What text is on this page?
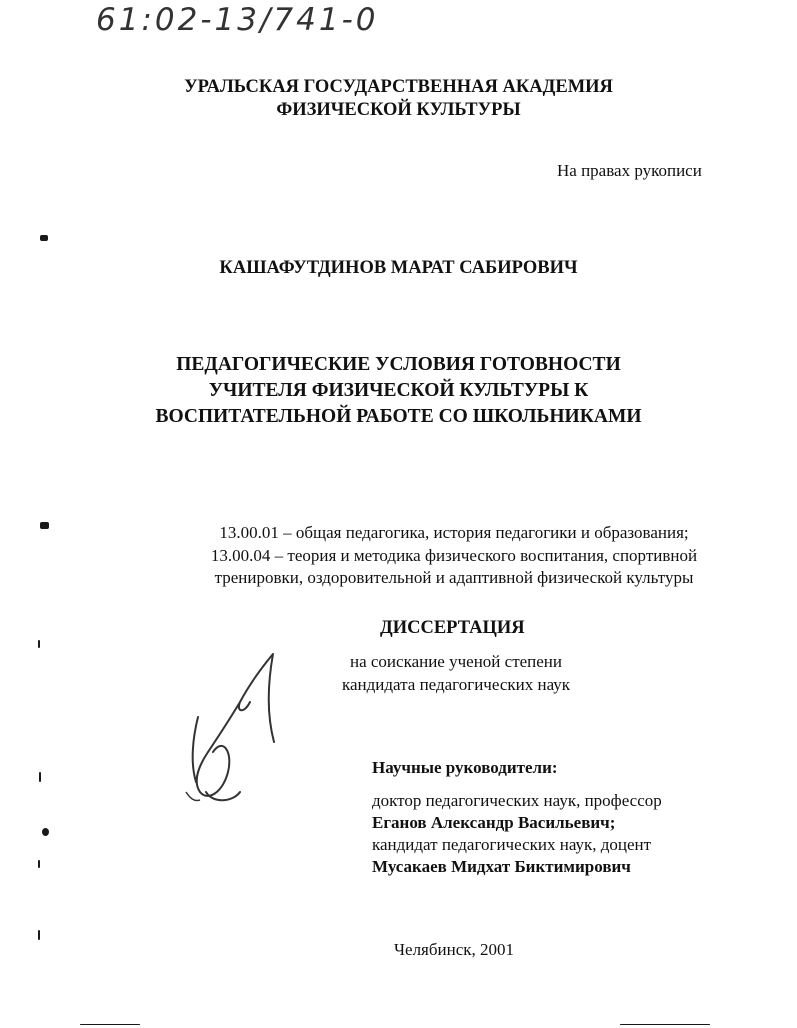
61:02-13/741-0
УРАЛЬСКАЯ ГОСУДАРСТВЕННАЯ АКАДЕМИЯ
ФИЗИЧЕСКОЙ КУЛЬТУРЫ
На правах рукописи
КАШАФУТДИНОВ МАРАТ САБИРОВИЧ
ПЕДАГОГИЧЕСКИЕ УСЛОВИЯ ГОТОВНОСТИ
УЧИТЕЛЯ ФИЗИЧЕСКОЙ КУЛЬТУРЫ К
ВОСПИТАТЕЛЬНОЙ РАБОТЕ СО ШКОЛЬНИКАМИ
13.00.01 – общая педагогика, история педагогики и образования;
13.00.04 – теория и методика физического воспитания, спортивной
тренировки, оздоровительной и адаптивной физической культуры
ДИССЕРТАЦИЯ
на соискание ученой степени
кандидата педагогических наук
Научные руководители:
доктор педагогических наук, профессор
Еганов Александр Васильевич;
кандидат педагогических наук, доцент
Мусакаев Мидхат Биктимирович
Челябинск, 2001
